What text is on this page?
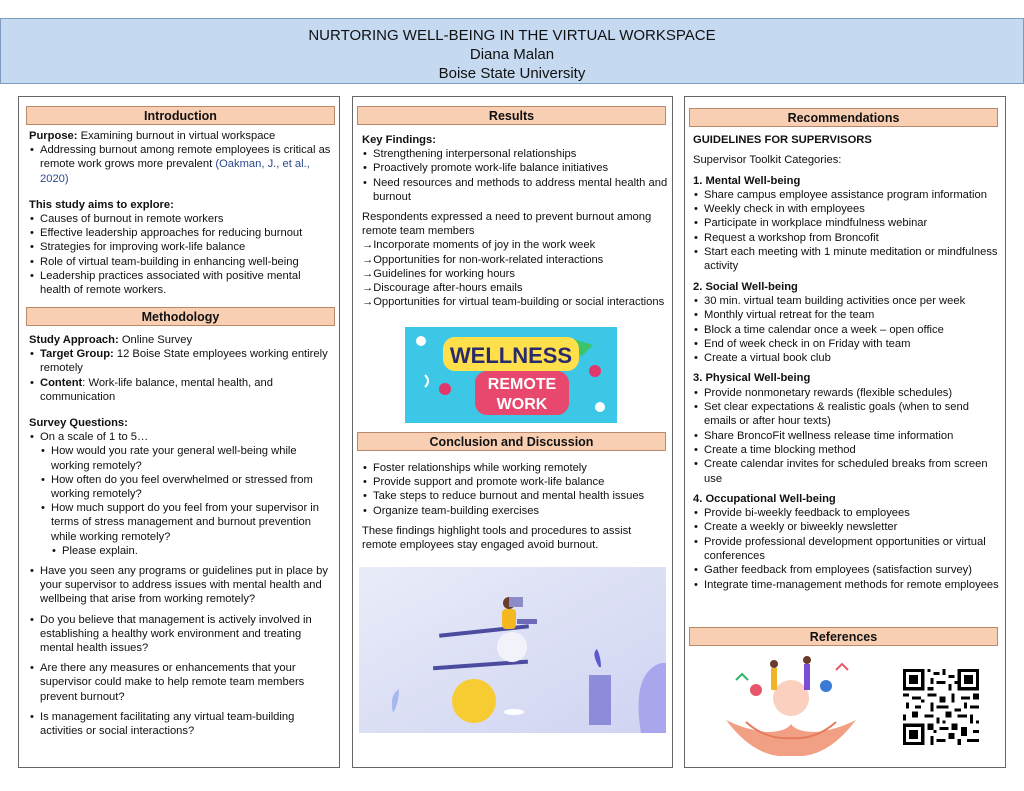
NURTORING WELL-BEING IN THE VIRTUAL WORKSPACE
Diana Malan
Boise State University
Introduction

Purpose: Examining burnout in virtual workspace

• Addressing burnout among remote employees is critical as remote work grows more prevalent (Oakman, J., et al., 2020)

This study aims to explore:

• Causes of burnout in remote workers
• Effective leadership approaches for reducing burnout
• Strategies for improving work-life balance
• Role of virtual team-building in enhancing well-being
• Leadership practices associated with positive mental health of remote workers.
Methodology

Study Approach: Online Survey

• Target Group: 12 Boise State employees working entirely remotely
• Content: Work-life balance, mental health, and communication

Survey Questions:

• On a scale of 1 to 5…
• How would you rate your general well-being while working remotely?
• How often do you feel overwhelmed or stressed from working remotely?
• How much support do you feel from your supervisor in terms of stress management and burnout prevention while working remotely?
• Please explain.
• Have you seen any programs or guidelines put in place by your supervisor to address issues with mental health and wellbeing that arise from working remotely?
• Do you believe that management is actively involved in establishing a healthy work environment and treating mental health issues?
• Are there any measures or enhancements that your supervisor could make to help remote team members prevent burnout?
• Is management facilitating any virtual team-building activities or social interactions?
Results

Key Findings:

• Strengthening interpersonal relationships
• Proactively promote work-life balance initiatives
• Need resources and methods to address mental health and burnout

Respondents expressed a need to prevent burnout among remote team members

→Incorporate moments of joy in the work week

→Opportunities for non-work-related interactions

→Guidelines for working hours

→Discourage after-hours emails

→Opportunities for virtual team-building or social interactions

WELLNESS
REMOTE
WORK
Conclusion and Discussion
• Foster relationships while working remotely
• Provide support and promote work-life balance
• Take steps to reduce burnout and mental health issues
• Organize team-building exercises

These findings highlight tools and procedures to assist remote employees stay engaged avoid burnout.

Recommendations

GUIDELINES FOR SUPERVISORS

Supervisor Toolkit Categories:

1. Mental Well-being

• Share campus employee assistance program information
• Weekly check in with employees
• Participate in workplace mindfulness webinar
• Request a workshop from Broncofit
• Start each meeting with 1 minute meditation or mindfulness activity

2. Social Well-being

• 30 min. virtual team building activities once per week
• Monthly virtual retreat for the team
• Block a time calendar once a week – open office
• End of week check in on Friday with team
• Create a virtual book club

3. Physical Well-being

• Provide nonmonetary rewards (flexible schedules)
• Set clear expectations & realistic goals (when to send emails or after hour texts)
• Share BroncoFit wellness release time information
• Create a time blocking method
• Create calendar invites for scheduled breaks from screen use

4. Occupational Well-being

• Provide bi-weekly feedback to employees
• Create a weekly or biweekly newsletter
• Provide professional development opportunities or virtual conferences
• Gather feedback from employees (satisfaction survey)
• Integrate time-management methods for remote employees
References
